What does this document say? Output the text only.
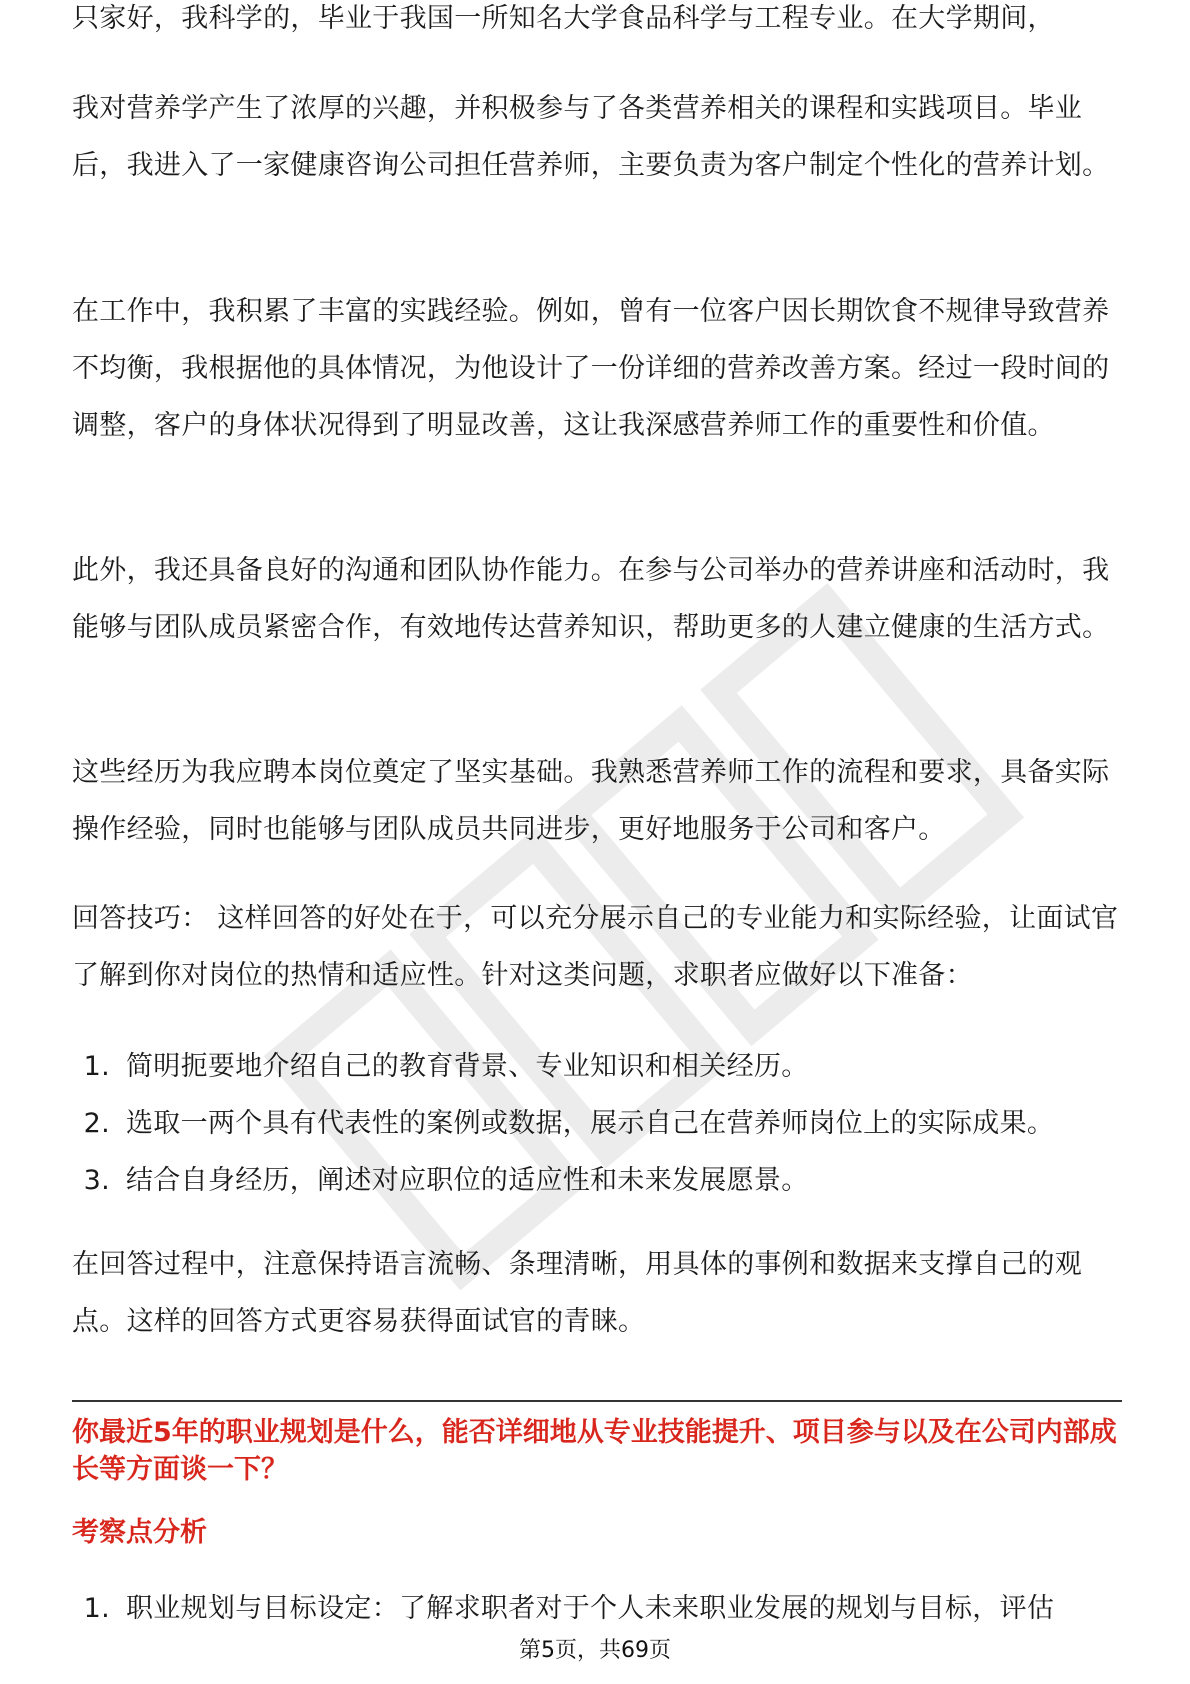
只家好，我科学的，毕业于我国一所知名大学食品科学与工程专业。在大学期间，

我对营养学产生了浓厚的兴趣，并积极参与了各类营养相关的课程和实践项目。毕业后，我进入了一家健康咨询公司担任营养师，主要负责为客户制定个性化的营养计划。

在工作中，我积累了丰富的实践经验。例如，曾有一位客户因长期饮食不规律导致营养不均衡，我根据他的具体情况，为他设计了一份详细的营养改善方案。经过一段时间的调整，客户的身体状况得到了明显改善，这让我深感营养师工作的重要性和价值。

此外，我还具备良好的沟通和团队协作能力。在参与公司举办的营养讲座和活动时，我能够与团队成员紧密合作，有效地传达营养知识，帮助更多的人建立健康的生活方式。

这些经历为我应聘本岗位奠定了坚实基础。我熟悉营养师工作的流程和要求，具备实际操作经验，同时也能够与团队成员共同进步，更好地服务于公司和客户。

回答技巧： 这样回答的好处在于，可以充分展示自己的专业能力和实际经验，让面试官了解到你对岗位的热情和适应性。针对这类问题，求职者应做好以下准备：

1. 简明扼要地介绍自己的教育背景、专业知识和相关经历。
2. 选取一两个具有代表性的案例或数据，展示自己在营养师岗位上的实际成果。
3. 结合自身经历，阐述对应职位的适应性和未来发展愿景。

在回答过程中，注意保持语言流畅、条理清晰，用具体的事例和数据来支撑自己的观点。这样的回答方式更容易获得面试官的青睐。

你最近5年的职业规划是什么，能否详细地从专业技能提升、项目参与以及在公司内部成长等方面谈一下？
考察点分析
1. 职业规划与目标设定：了解求职者对于个人未来职业发展的规划与目标，评估
第5页，共69页
